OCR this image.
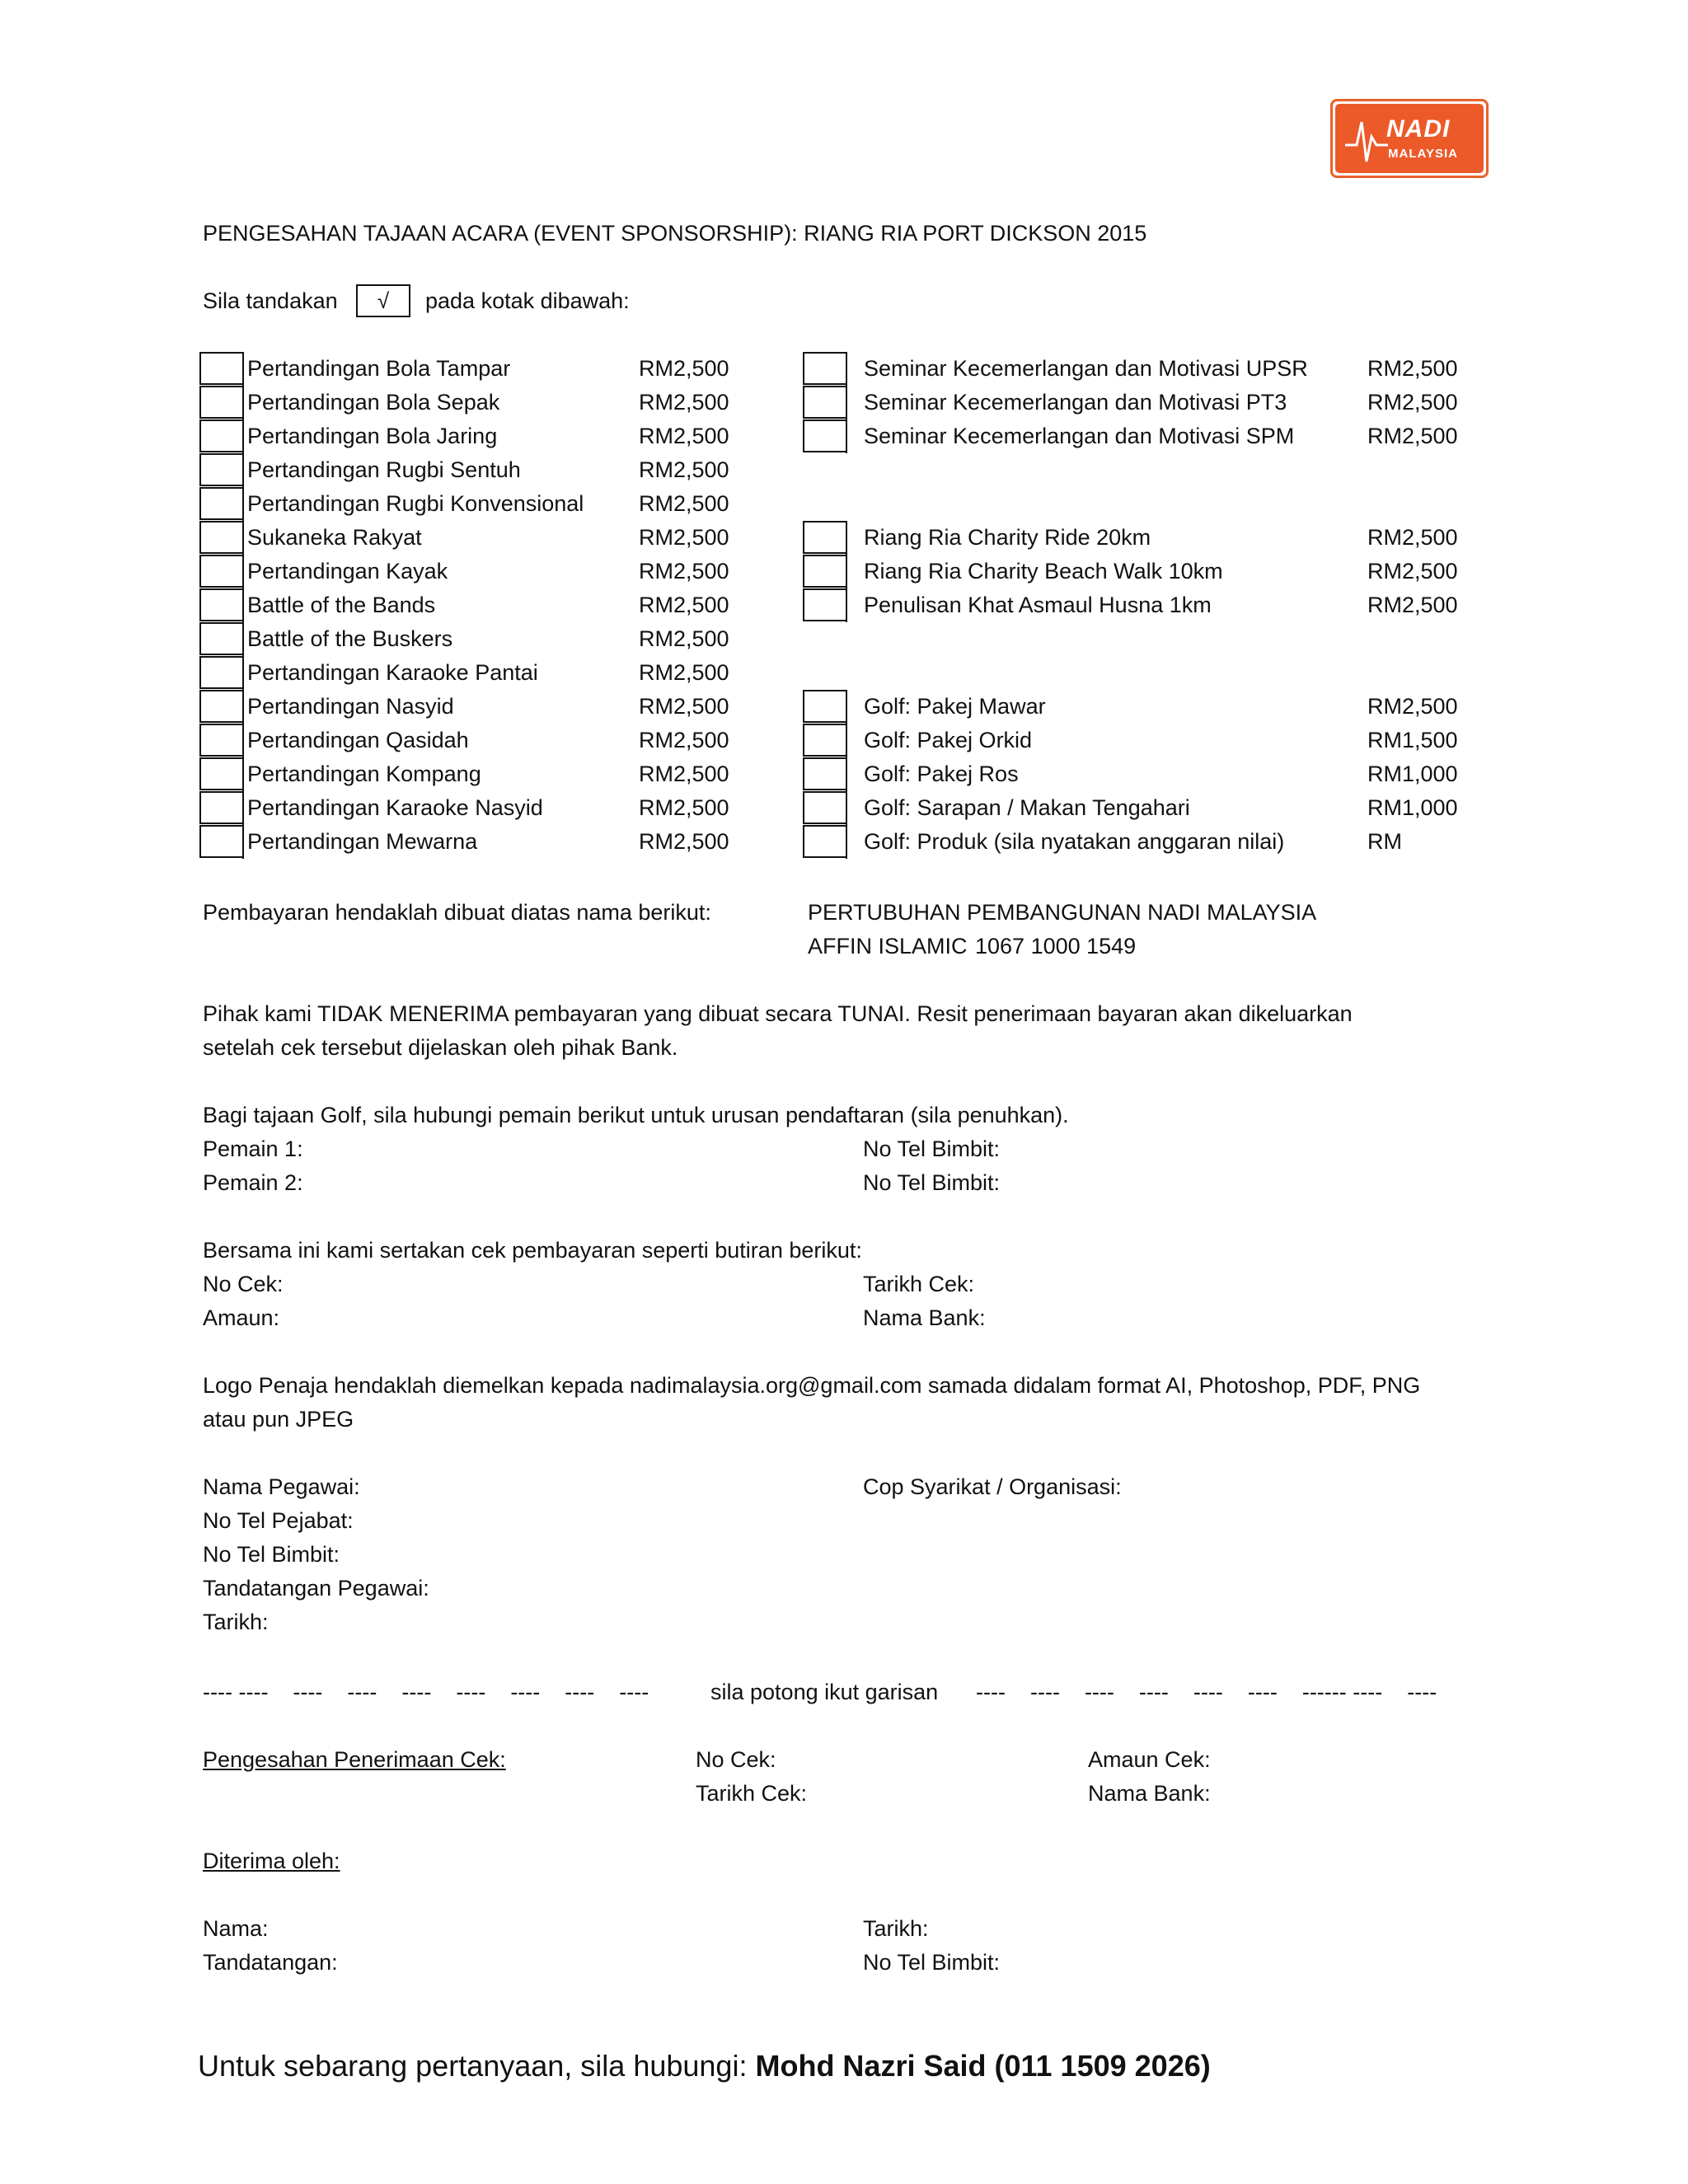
NADI
MALAYSIA
PENGESAHAN TAJAAN ACARA (EVENT SPONSORSHIP): RIANG RIA PORT DICKSON 2015
Sila tandakan	√	pada kotak dibawah:
Pertandingan Bola Tampar	RM2,500
Pertandingan Bola Sepak	RM2,500
Pertandingan Bola Jaring	RM2,500
Pertandingan Rugbi Sentuh	RM2,500
Pertandingan Rugbi Konvensional RM2,500
Sukaneka Rakyat	RM2,500
Pertandingan Kayak	RM2,500
Battle of the Bands	RM2,500
Battle of the Buskers	RM2,500
Pertandingan Karaoke Pantai	RM2,500
Pertandingan Nasyid	RM2,500
Pertandingan Qasidah	RM2,500
Pertandingan Kompang	RM2,500
Pertandingan Karaoke Nasyid	RM2,500
Pertandingan Mewarna	RM2,500
Seminar Kecemerlangan dan Motivasi UPSR	RM2,500
Seminar Kecemerlangan dan Motivasi PT3	RM2,500
Seminar Kecemerlangan dan Motivasi SPM	RM2,500
Riang Ria Charity Ride 20km	RM2,500
Riang Ria Charity Beach Walk 10km	RM2,500
Penulisan Khat Asmaul Husna 1km	RM2,500
Golf: Pakej Mawar	RM2,500
Golf: Pakej Orkid	RM1,500
Golf: Pakej Ros	RM1,000
Golf: Sarapan / Makan Tengahari	RM1,000
Golf: Produk (sila nyatakan anggaran nilai)	RM
Pembayaran hendaklah dibuat diatas nama berikut:	PERTUBUHAN PEMBANGUNAN NADI MALAYSIA
AFFIN ISLAMIC 1067 1000 1549
Pihak kami TIDAK MENERIMA pembayaran yang dibuat secara TUNAI. Resit penerimaan bayaran akan dikeluarkan
setelah cek tersebut dijelaskan oleh pihak Bank.
Bagi tajaan Golf, sila hubungi pemain berikut untuk urusan pendaftaran (sila penuhkan).
Pemain 1:	No Tel Bimbit:
Pemain 2:	No Tel Bimbit:
Bersama ini kami sertakan cek pembayaran seperti butiran berikut:
No Cek:	Tarikh Cek:
Amaun:	Nama Bank:
Logo Penaja hendaklah diemelkan kepada nadimalaysia.org@gmail.com samada didalam format AI, Photoshop, PDF, PNG
atau pun JPEG
Nama Pegawai:	Cop Syarikat / Organisasi:
No Tel Pejabat:
No Tel Bimbit:
Tandatangan Pegawai:
Tarikh:
---- ----    ----    ----    ----    ----    ----    ----    ----	sila potong ikut garisan ----    ----    ----    ----    ----    ----    ------ ----    ----
Pengesahan Penerimaan Cek:	No Cek:	Amaun Cek:
Tarikh Cek:	Nama Bank:
Diterima oleh:
Nama:	Tarikh:
Tandatangan:	No Tel Bimbit:
Untuk sebarang pertanyaan, sila hubungi: Mohd Nazri Said (011 1509 2026)
